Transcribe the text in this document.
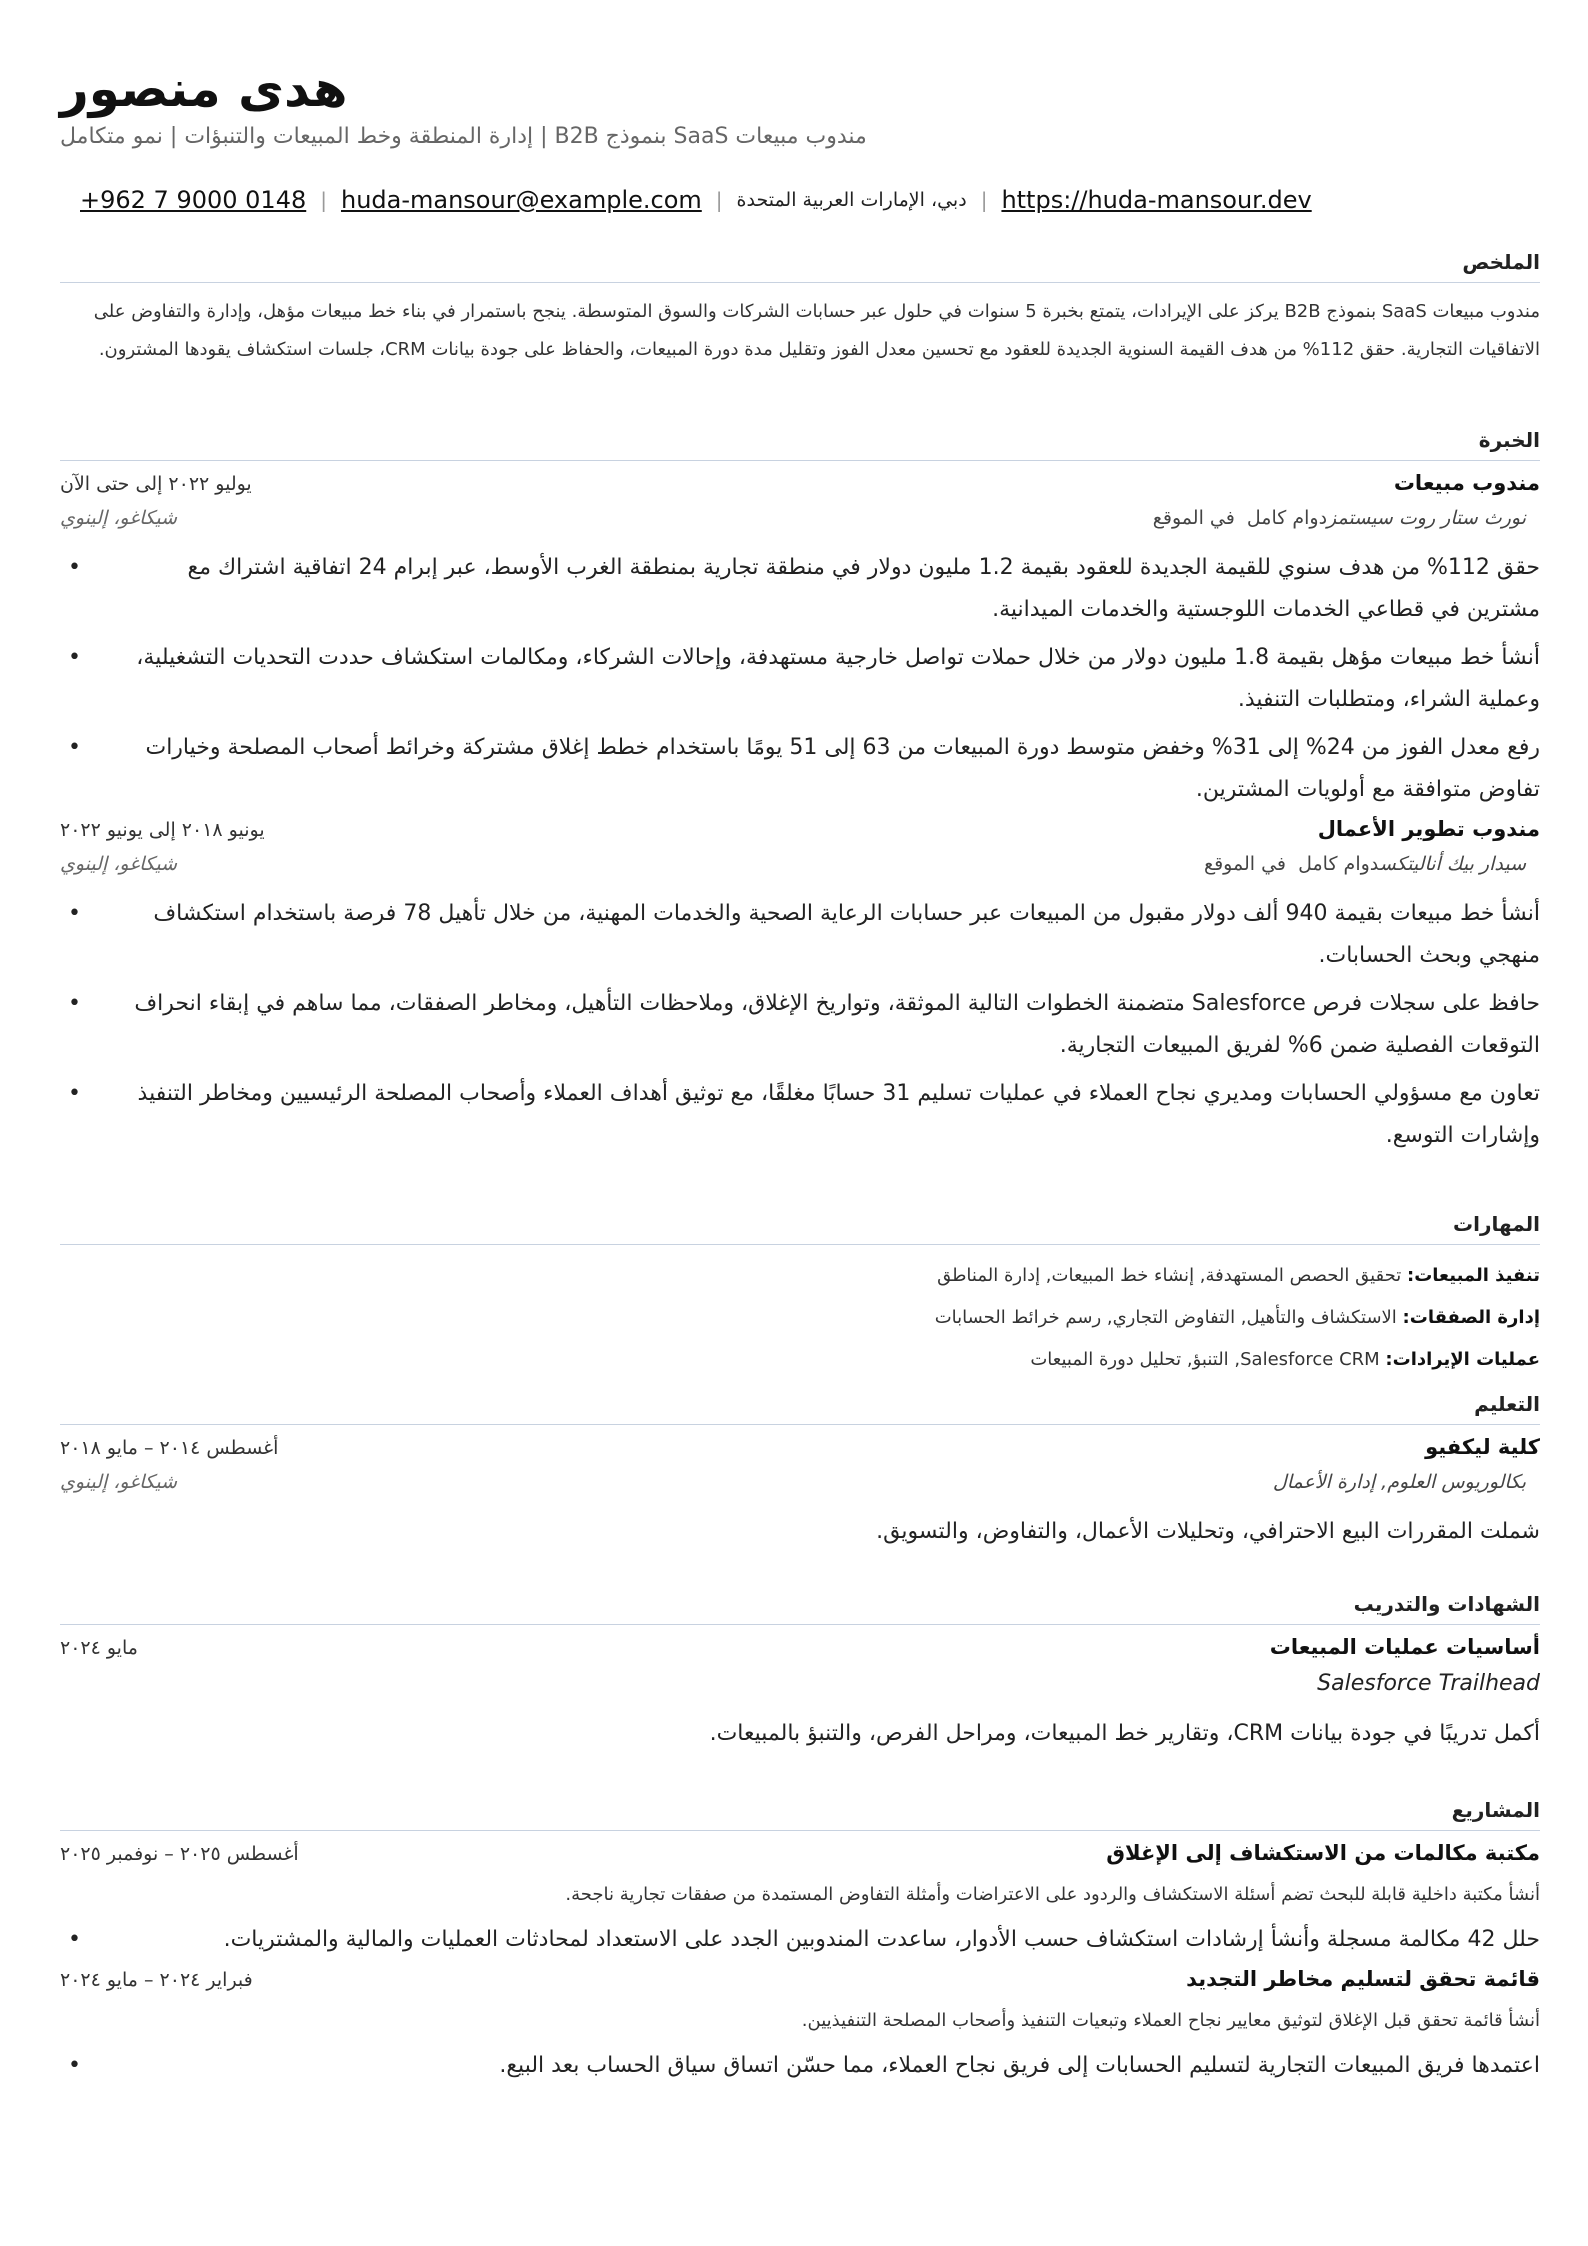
هدى منصور
مندوب مبيعات SaaS بنموذج B2B | إدارة المنطقة وخط المبيعات والتنبؤات | نمو متكامل
+962 7 9000 0148 | huda-mansour@example.com | دبي، الإمارات العربية المتحدة | https://huda-mansour.dev
الملخص
مندوب مبيعات SaaS بنموذج B2B يركز على الإيرادات، يتمتع بخبرة 5 سنوات في حلول عبر حسابات الشركات والسوق المتوسطة. ينجح باستمرار في بناء خط مبيعات مؤهل، وإدارة والتفاوض على الاتفاقيات التجارية. حقق 112% من هدف القيمة السنوية الجديدة للعقود مع تحسين معدل الفوز وتقليل مدة دورة المبيعات، والحفاظ على جودة بيانات CRM، جلسات استكشاف يقودها المشترون.
الخبرة
مندوب مبيعات
يوليو ٢٠٢٢ إلى حتى الآن
نورث ستار روت سيستمزدوام كامل  في الموقع
شيكاغو، إلينوي
• حقق 112% من هدف سنوي للقيمة الجديدة للعقود بقيمة 1.2 مليون دولار في منطقة تجارية بمنطقة الغرب الأوسط، عبر إبرام 24 اتفاقية اشتراك مع مشترين في قطاعي الخدمات اللوجستية والخدمات الميدانية.
• أنشأ خط مبيعات مؤهل بقيمة 1.8 مليون دولار من خلال حملات تواصل خارجية مستهدفة، وإحالات الشركاء، ومكالمات استكشاف حددت التحديات التشغيلية، وعملية الشراء، ومتطلبات التنفيذ.
• رفع معدل الفوز من 24% إلى 31% وخفض متوسط دورة المبيعات من 63 إلى 51 يومًا باستخدام خطط إغلاق مشتركة وخرائط أصحاب المصلحة وخيارات تفاوض متوافقة مع أولويات المشترين.
مندوب تطوير الأعمال
يونيو ٢٠١٨ إلى يونيو ٢٠٢٢
سيدار بيك أناليتكسدوام كامل  في الموقع
شيكاغو، إلينوي
• أنشأ خط مبيعات بقيمة 940 ألف دولار مقبول من المبيعات عبر حسابات الرعاية الصحية والخدمات المهنية، من خلال تأهيل 78 فرصة باستخدام استكشاف منهجي وبحث الحسابات.
• حافظ على سجلات فرص Salesforce متضمنة الخطوات التالية الموثقة، وتواريخ الإغلاق، وملاحظات التأهيل، ومخاطر الصفقات، مما ساهم في إبقاء انحراف التوقعات الفصلية ضمن 6% لفريق المبيعات التجارية.
• تعاون مع مسؤولي الحسابات ومديري نجاح العملاء في عمليات تسليم 31 حسابًا مغلقًا، مع توثيق أهداف العملاء وأصحاب المصلحة الرئيسيين ومخاطر التنفيذ وإشارات التوسع.
المهارات
تنفيذ المبيعات: تحقيق الحصص المستهدفة, إنشاء خط المبيعات, إدارة المناطق
إدارة الصفقات: الاستكشاف والتأهيل, التفاوض التجاري, رسم خرائط الحسابات
عمليات الإيرادات: Salesforce CRM, التنبؤ, تحليل دورة المبيعات
التعليم
كلية ليكفيو
أغسطس ٢٠١٤ – مايو ٢٠١٨
بكالوريوس العلوم, إدارة الأعمال
شيكاغو، إلينوي
شملت المقررات البيع الاحترافي، وتحليلات الأعمال، والتفاوض، والتسويق.
الشهادات والتدريب
أساسيات عمليات المبيعات
مايو ٢٠٢٤
Salesforce Trailhead
أكمل تدريبًا في جودة بيانات CRM، وتقارير خط المبيعات، ومراحل الفرص، والتنبؤ بالمبيعات.
المشاريع
مكتبة مكالمات من الاستكشاف إلى الإغلاق
أغسطس ٢٠٢٥ – نوفمبر ٢٠٢٥
أنشأ مكتبة داخلية قابلة للبحث تضم أسئلة الاستكشاف والردود على الاعتراضات وأمثلة التفاوض المستمدة من صفقات تجارية ناجحة.
• حلل 42 مكالمة مسجلة وأنشأ إرشادات استكشاف حسب الأدوار، ساعدت المندوبين الجدد على الاستعداد لمحادثات العمليات والمالية والمشتريات.
قائمة تحقق لتسليم مخاطر التجديد
فبراير ٢٠٢٤ – مايو ٢٠٢٤
أنشأ قائمة تحقق قبل الإغلاق لتوثيق معايير نجاح العملاء وتبعيات التنفيذ وأصحاب المصلحة التنفيذيين.
• اعتمدها فريق المبيعات التجارية لتسليم الحسابات إلى فريق نجاح العملاء، مما حسّن اتساق سياق الحساب بعد البيع.
